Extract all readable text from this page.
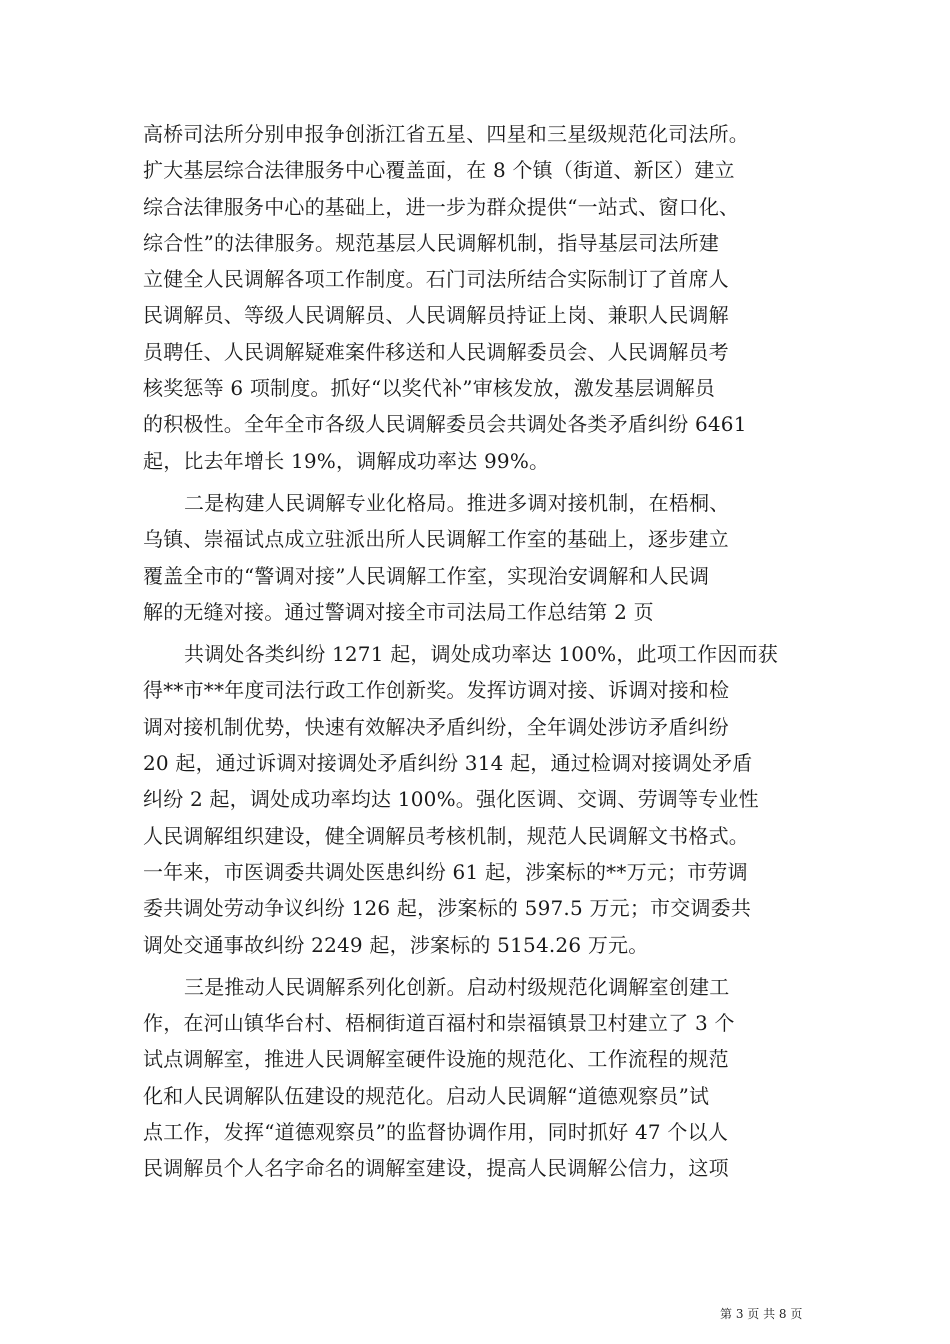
高桥司法所分别申报争创浙江省五星、四星和三星级规范化司法所。
扩大基层综合法律服务中心覆盖面，在 8 个镇（街道、新区）建立
综合法律服务中心的基础上，进一步为群众提供“一站式、窗口化、
综合性”的法律服务。规范基层人民调解机制，指导基层司法所建
立健全人民调解各项工作制度。石门司法所结合实际制订了首席人
民调解员、等级人民调解员、人民调解员持证上岗、兼职人民调解
员聘任、人民调解疑难案件移送和人民调解委员会、人民调解员考
核奖惩等 6 项制度。抓好“以奖代补”审核发放，激发基层调解员
的积极性。全年全市各级人民调解委员会共调处各类矛盾纠纷 6461
起，比去年增长 19%，调解成功率达 99%。
二是构建人民调解专业化格局。推进多调对接机制，在梧桐、
乌镇、崇福试点成立驻派出所人民调解工作室的基础上，逐步建立
覆盖全市的“警调对接”人民调解工作室，实现治安调解和人民调
解的无缝对接。通过警调对接全市司法局工作总结第 2 页
共调处各类纠纷 1271 起，调处成功率达 100%，此项工作因而获
得**市**年度司法行政工作创新奖。发挥访调对接、诉调对接和检
调对接机制优势，快速有效解决矛盾纠纷，全年调处涉访矛盾纠纷
20 起，通过诉调对接调处矛盾纠纷 314 起，通过检调对接调处矛盾
纠纷 2 起，调处成功率均达 100%。强化医调、交调、劳调等专业性
人民调解组织建设，健全调解员考核机制，规范人民调解文书格式。
一年来，市医调委共调处医患纠纷 61 起，涉案标的**万元；市劳调
委共调处劳动争议纠纷 126 起，涉案标的 597.5 万元；市交调委共
调处交通事故纠纷 2249 起，涉案标的 5154.26 万元。
三是推动人民调解系列化创新。启动村级规范化调解室创建工
作，在河山镇华台村、梧桐街道百福村和崇福镇景卫村建立了 3 个
试点调解室，推进人民调解室硬件设施的规范化、工作流程的规范
化和人民调解队伍建设的规范化。启动人民调解“道德观察员”试
点工作，发挥“道德观察员”的监督协调作用，同时抓好 47 个以人
民调解员个人名字命名的调解室建设，提高人民调解公信力，这项
第 3 页 共 8 页
